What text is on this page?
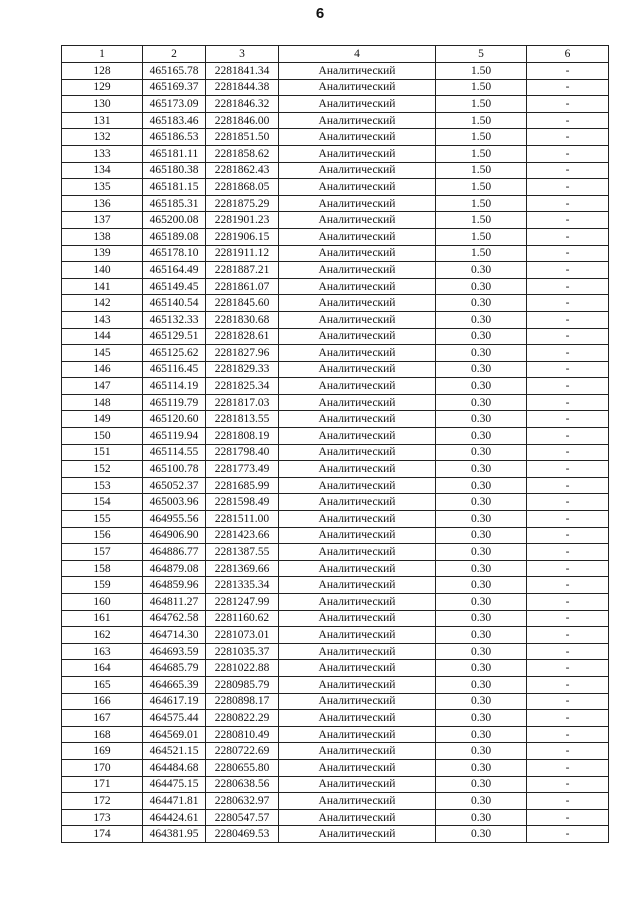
6
1	2	3	4	5	6
128	465165.78	2281841.34	Аналитический	1.50	-
129	465169.37	2281844.38	Аналитический	1.50	-
130	465173.09	2281846.32	Аналитический	1.50	-
131	465183.46	2281846.00	Аналитический	1.50	-
132	465186.53	2281851.50	Аналитический	1.50	-
133	465181.11	2281858.62	Аналитический	1.50	-
134	465180.38	2281862.43	Аналитический	1.50	-
135	465181.15	2281868.05	Аналитический	1.50	-
136	465185.31	2281875.29	Аналитический	1.50	-
137	465200.08	2281901.23	Аналитический	1.50	-
138	465189.08	2281906.15	Аналитический	1.50	-
139	465178.10	2281911.12	Аналитический	1.50	-
140	465164.49	2281887.21	Аналитический	0.30	-
141	465149.45	2281861.07	Аналитический	0.30	-
142	465140.54	2281845.60	Аналитический	0.30	-
143	465132.33	2281830.68	Аналитический	0.30	-
144	465129.51	2281828.61	Аналитический	0.30	-
145	465125.62	2281827.96	Аналитический	0.30	-
146	465116.45	2281829.33	Аналитический	0.30	-
147	465114.19	2281825.34	Аналитический	0.30	-
148	465119.79	2281817.03	Аналитический	0.30	-
149	465120.60	2281813.55	Аналитический	0.30	-
150	465119.94	2281808.19	Аналитический	0.30	-
151	465114.55	2281798.40	Аналитический	0.30	-
152	465100.78	2281773.49	Аналитический	0.30	-
153	465052.37	2281685.99	Аналитический	0.30	-
154	465003.96	2281598.49	Аналитический	0.30	-
155	464955.56	2281511.00	Аналитический	0.30	-
156	464906.90	2281423.66	Аналитический	0.30	-
157	464886.77	2281387.55	Аналитический	0.30	-
158	464879.08	2281369.66	Аналитический	0.30	-
159	464859.96	2281335.34	Аналитический	0.30	-
160	464811.27	2281247.99	Аналитический	0.30	-
161	464762.58	2281160.62	Аналитический	0.30	-
162	464714.30	2281073.01	Аналитический	0.30	-
163	464693.59	2281035.37	Аналитический	0.30	-
164	464685.79	2281022.88	Аналитический	0.30	-
165	464665.39	2280985.79	Аналитический	0.30	-
166	464617.19	2280898.17	Аналитический	0.30	-
167	464575.44	2280822.29	Аналитический	0.30	-
168	464569.01	2280810.49	Аналитический	0.30	-
169	464521.15	2280722.69	Аналитический	0.30	-
170	464484.68	2280655.80	Аналитический	0.30	-
171	464475.15	2280638.56	Аналитический	0.30	-
172	464471.81	2280632.97	Аналитический	0.30	-
173	464424.61	2280547.57	Аналитический	0.30	-
174	464381.95	2280469.53	Аналитический	0.30	-
